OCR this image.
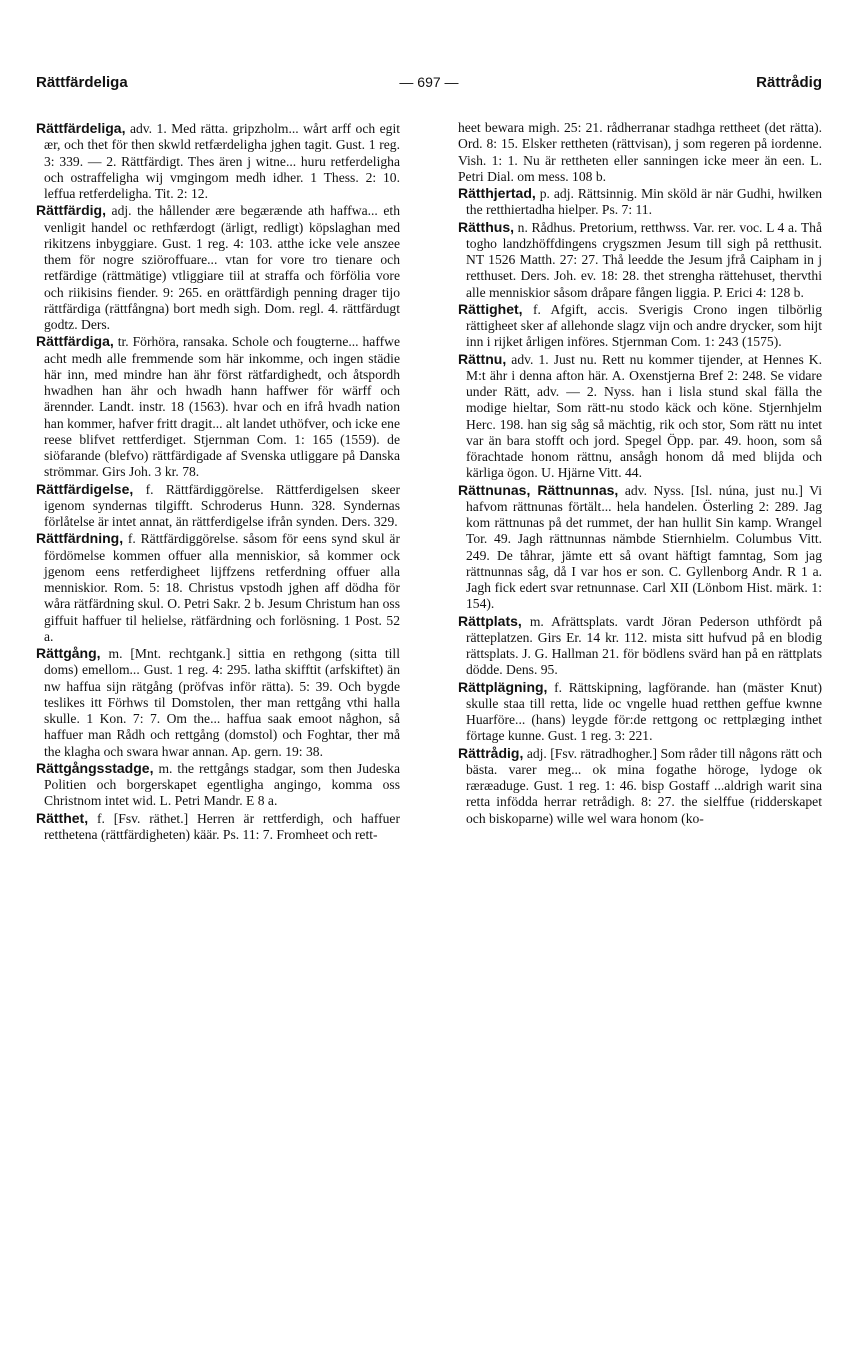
Rättfärdeliga	— 697 —	Rättrådig

Rättfärdeliga, adv. 1. Med rätta. gripzholm... wårt arff och egit ær, och thet för then skwld retfærdeligha jghen tagit. Gust. 1 reg. 3: 339. — 2. Rättfärdigt. Thes ären j witne... huru retferdeligha och ostraffeligha wij vmgingom medh idher. 1 Thess. 2: 10. leffua retferdeligha. Tit. 2: 12.

Rättfärdig, adj. the hållender ære begærænde ath haffwa... eth venligit handel oc rethfærdogt (ärligt, redligt) köpslaghan med rikitzens inbyggiare. Gust. 1 reg. 4: 103. atthe icke vele anszee them för nogre sziöroffuare... vtan for vore tro tienare och retfärdige (rättmätige) vtliggiare tiil at straffa och förfölia vore och riikisins fiender. 9: 265. en orättfärdigh penning drager tijo rättfärdiga (rättfångna) bort medh sigh. Dom. regl. 4. rättfärdugt godtz. Ders.

Rättfärdiga, tr. Förhöra, ransaka. Schole och fougterne... haffwe acht medh alle fremmende som här inkomme, och ingen städie här inn, med mindre han ähr först rätfardighedt, och åtspordh hwadhen han ähr och hwadh hann haffwer för wärff och ärennder. Landt. instr. 18 (1563). hvar och en ifrå hvadh nation han kommer, hafver fritt dragit... alt landet uthöfver, och icke ene reese blifvet rettferdiget. Stjernman Com. 1: 165 (1559). de siöfarande (blefvo) rättfärdigade af Svenska utliggare på Danska strömmar. Girs Joh. 3 kr. 78.

Rättfärdigelse, f. Rättfärdiggörelse. Rättferdigelsen skeer igenom syndernas tilgifft. Schroderus Hunn. 328. Syndernas förlåtelse är intet annat, än rättferdigelse ifrån synden. Ders. 329.

Rättfärdning, f. Rättfärdiggörelse. såsom för eens synd skul är fördömelse kommen offuer alla menniskior, så kommer ock jgenom eens retferdigheet lijffzens retferdning offuer alla menniskior. Rom. 5: 18. Christus vpstodh jghen aff dödha för wåra rätfärdning skul. O. Petri Sakr. 2 b. Jesum Christum han oss giffuit haffuer til helielse, rätfärdning och forlösning. 1 Post. 52 a.

Rättgång, m. [Mnt. rechtgank.] sittia en rethgong (sitta till doms) emellom... Gust. 1 reg. 4: 295. latha skifftit (arfskiftet) än nw haffua sijn rätgång (pröfvas inför rätta). 5: 39. Och bygde teslikes itt Förhws til Domstolen, ther man rettgång vthi halla skulle. 1 Kon. 7: 7. Om the... haffua saak emoot någhon, så haffuer man Rådh och rettgång (domstol) och Foghtar, ther må the klagha och swara hwar annan. Ap. gern. 19: 38.

Rättgångsstadge, m. the rettgångs stadgar, som then Judeska Politien och borgerskapet egentligha angingo, komma oss Christnom intet wid. L. Petri Mandr. E 8 a.

Rätthet, f. [Fsv. räthet.] Herren är rettferdigh, och haffuer retthetena (rättfärdigheten) käär. Ps. 11: 7. Fromheet och rett-

heet bewara migh. 25: 21. rådherranar stadhga rettheet (det rätta). Ord. 8: 15. Elsker rettheten (rättvisan), j som regeren på iordenne. Vish. 1: 1. Nu är rettheten eller sanningen icke meer än een. L. Petri Dial. om mess. 108 b.

Rätthjertad, p. adj. Rättsinnig. Min sköld är när Gudhi, hwilken the retthiertadha hielper. Ps. 7: 11.

Rätthus, n. Rådhus. Pretorium, retthwss. Var. rer. voc. L 4 a. Thå togho landzhöffdingens crygszmen Jesum till sigh på retthusit. NT 1526 Matth. 27: 27. Thå leedde the Jesum jfrå Caipham in j retthuset. Ders. Joh. ev. 18: 28. thet strengha rättehuset, thervthi alle menniskior såsom dråpare fången liggia. P. Erici 4: 128 b.

Rättighet, f. Afgift, accis. Sverigis Crono ingen tilbörlig rättigheet sker af allehonde slagz vijn och andre drycker, som hijt inn i rijket årligen införes. Stjernman Com. 1: 243 (1575).

Rättnu, adv. 1. Just nu. Rett nu kommer tijender, at Hennes K. M:t ähr i denna afton här. A. Oxenstjerna Bref 2: 248. Se vidare under Rätt, adv. — 2. Nyss. han i lisla stund skal fälla the modige hieltar, Som rätt-nu stodo käck och köne. Stjernhjelm Herc. 198. han sig såg så mächtig, rik och stor, Som rätt nu intet var än bara stofft och jord. Spegel Öpp. par. 49. hoon, som så förachtade honom rättnu, ansågh honom då med blijda och kärliga ögon. U. Hjärne Vitt. 44.

Rättnunas, Rättnunnas, adv. Nyss. [Isl. núna, just nu.] Vi hafvom rättnunas förtält... hela handelen. Österling 2: 289. Jag kom rättnunas på det rummet, der han hullit Sin kamp. Wrangel Tor. 49. Jagh rättnunnas nämbde Stiernhielm. Columbus Vitt. 249. De tåhrar, jämte ett så ovant häftigt famntag, Som jag rättnunnas såg, då I var hos er son. C. Gyllenborg Andr. R 1 a. Jagh fick edert svar retnunnase. Carl XII (Lönbom Hist. märk. 1: 154).

Rättplats, m. Afrättsplats. vardt Jöran Pederson uthfördt på rätteplatzen. Girs Er. 14 kr. 112. mista sitt hufvud på en blodig rättsplats. J. G. Hallman 21. för bödlens svärd han på en rättplats dödde. Dens. 95.

Rättplägning, f. Rättskipning, lagförande. han (mäster Knut) skulle staa till retta, lide oc vngelle huad retthen geffue kwnne Huarföre... (hans) leygde för:de rettgong oc rettplæging inthet förtage kunne. Gust. 1 reg. 3: 221.

Rättrådig, adj. [Fsv. rätradhogher.] Som råder till någons rätt och bästa. varer meg... ok mina fogathe höroge, lydoge ok ræræaduge. Gust. 1 reg. 1: 46. bisp Gostaff ...aldrigh warit sina retta infödda herrar retrådigh. 8: 27. the sielffue (ridderskapet och biskoparne) wille wel wara honom (ko-
